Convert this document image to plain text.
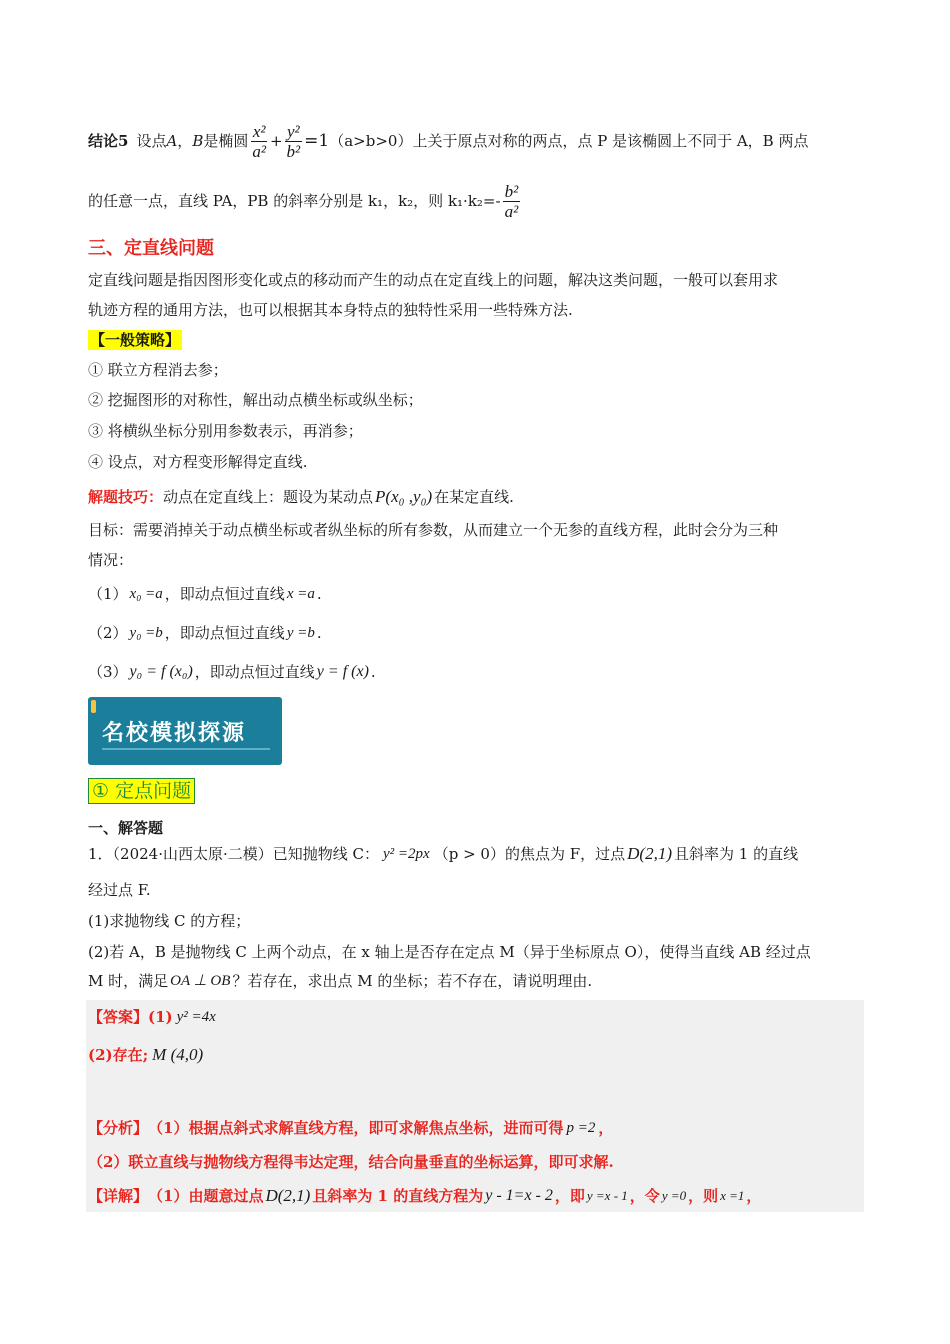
结论5 设点 A ， B 是椭圆 $\frac{\text{x²}}{\text{a²}} + \frac{\text{y²}}{\text{b²}} =1$ （a>b>0）上关于原点对称的两点，点 P 是该椭圆上不同于 A，B 两点
的任意一点，直线 PA，PB 的斜率分别是 k₁，k₂，则 $k_1\cdot k_2=- \frac{\text{b²}}{\text{a²}}$
三、定直线问题
定直线问题是指因图形变化或点的移动而产生的动点在定直线上的问题，解决这类问题，一般可以套用求
轨迹方程的通用方法，也可以根据其本身特点的独特性采用一些特殊方法.
【一般策略】
① 联立方程消去参；
② 挖掘图形的对称性，解出动点横坐标或纵坐标；
③ 将横纵坐标分别用参数表示，再消参；
④ 设点，对方程变形解得定直线.
解题技巧： 动点在定直线上：题设为某动点 P(x₀ ,y₀) 在某定直线.
目标：需要消掉关于动点横坐标或者纵坐标的所有参数，从而建立一个无参的直线方程，此时会分为三种
情况：
（1） x₀ =a ，即动点恒过直线 x =a .
（2） y₀ =b ，即动点恒过直线 y =b .
（3） y₀ = f (x₀) ，即动点恒过直线 y = f (x) .
名校模拟探源
① 定点问题
一、解答题
1．（2024·山西太原·二模）已知抛物线 C： y² =2px （p > 0） 的焦点为 F，过点 D(2,1) 且斜率为 1 的直线
经过点 F.
(1)求抛物线 C 的方程；
(2)若 A，B 是抛物线 C 上两个动点，在 x 轴上是否存在定点 M（异于坐标原点 O），使得当直线 AB 经过点
M 时，满足 OA ⊥ OB ？若存在，求出点 M 的坐标；若不存在，请说明理由.
【答案】(1) y² =4x
(2)存在; M (4,0)
【分析】 （1）根据点斜式求解直线方程，即可求解焦点坐标，进而可得 p =2 ，
（2）联立直线与抛物线方程得韦达定理，结合向量垂直的坐标运算，即可求解.
【详解】 （1）由题意过点 D(2,1) 且斜率为 1 的直线方程为 y - 1=x - 2 ，即 y =x - 1 ，令 y =0 ，则 x =1 ，
